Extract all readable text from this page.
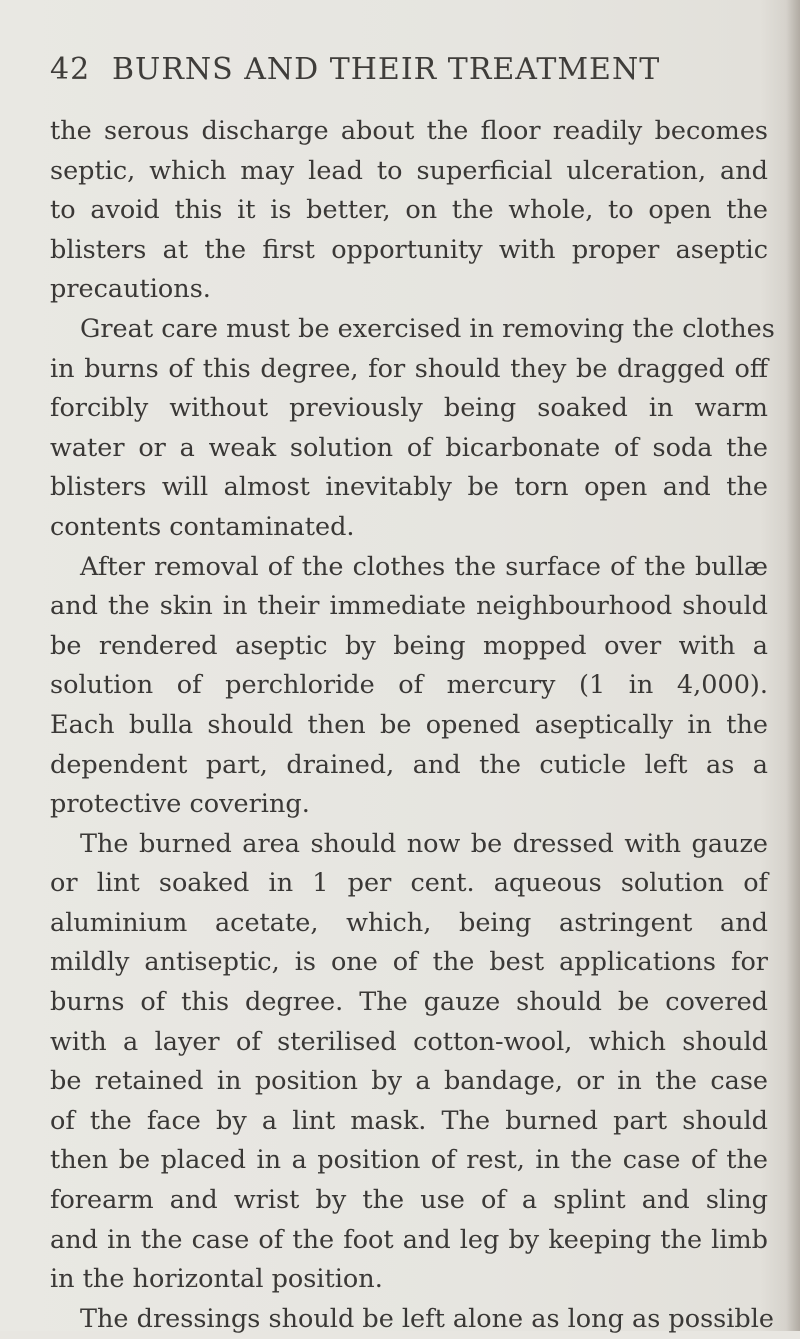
42 BURNS AND THEIR TREATMENT
the serous discharge about the floor readily becomes
septic, which may lead to superficial ulceration, and
to avoid this it is better, on the whole, to open the
blisters at the first opportunity with proper aseptic
precautions.
Great care must be exercised in removing the clothes
in burns of this degree, for should they be dragged off
forcibly without previously being soaked in warm
water or a weak solution of bicarbonate of soda the
blisters will almost inevitably be torn open and the
contents contaminated.
After removal of the clothes the surface of the bullæ
and the skin in their immediate neighbourhood should
be rendered aseptic by being mopped over with a
solution of perchloride of mercury (1 in 4,000).
Each bulla should then be opened aseptically in the
dependent part, drained, and the cuticle left as a
protective covering.
The burned area should now be dressed with gauze
or lint soaked in 1 per cent. aqueous solution of
aluminium acetate, which, being astringent and
mildly antiseptic, is one of the best applications for
burns of this degree. The gauze should be covered
with a layer of sterilised cotton-wool, which should
be retained in position by a bandage, or in the case
of the face by a lint mask. The burned part should
then be placed in a position of rest, in the case of the
forearm and wrist by the use of a splint and sling
and in the case of the foot and leg by keeping the limb
in the horizontal position.
The dressings should be left alone as long as possible
